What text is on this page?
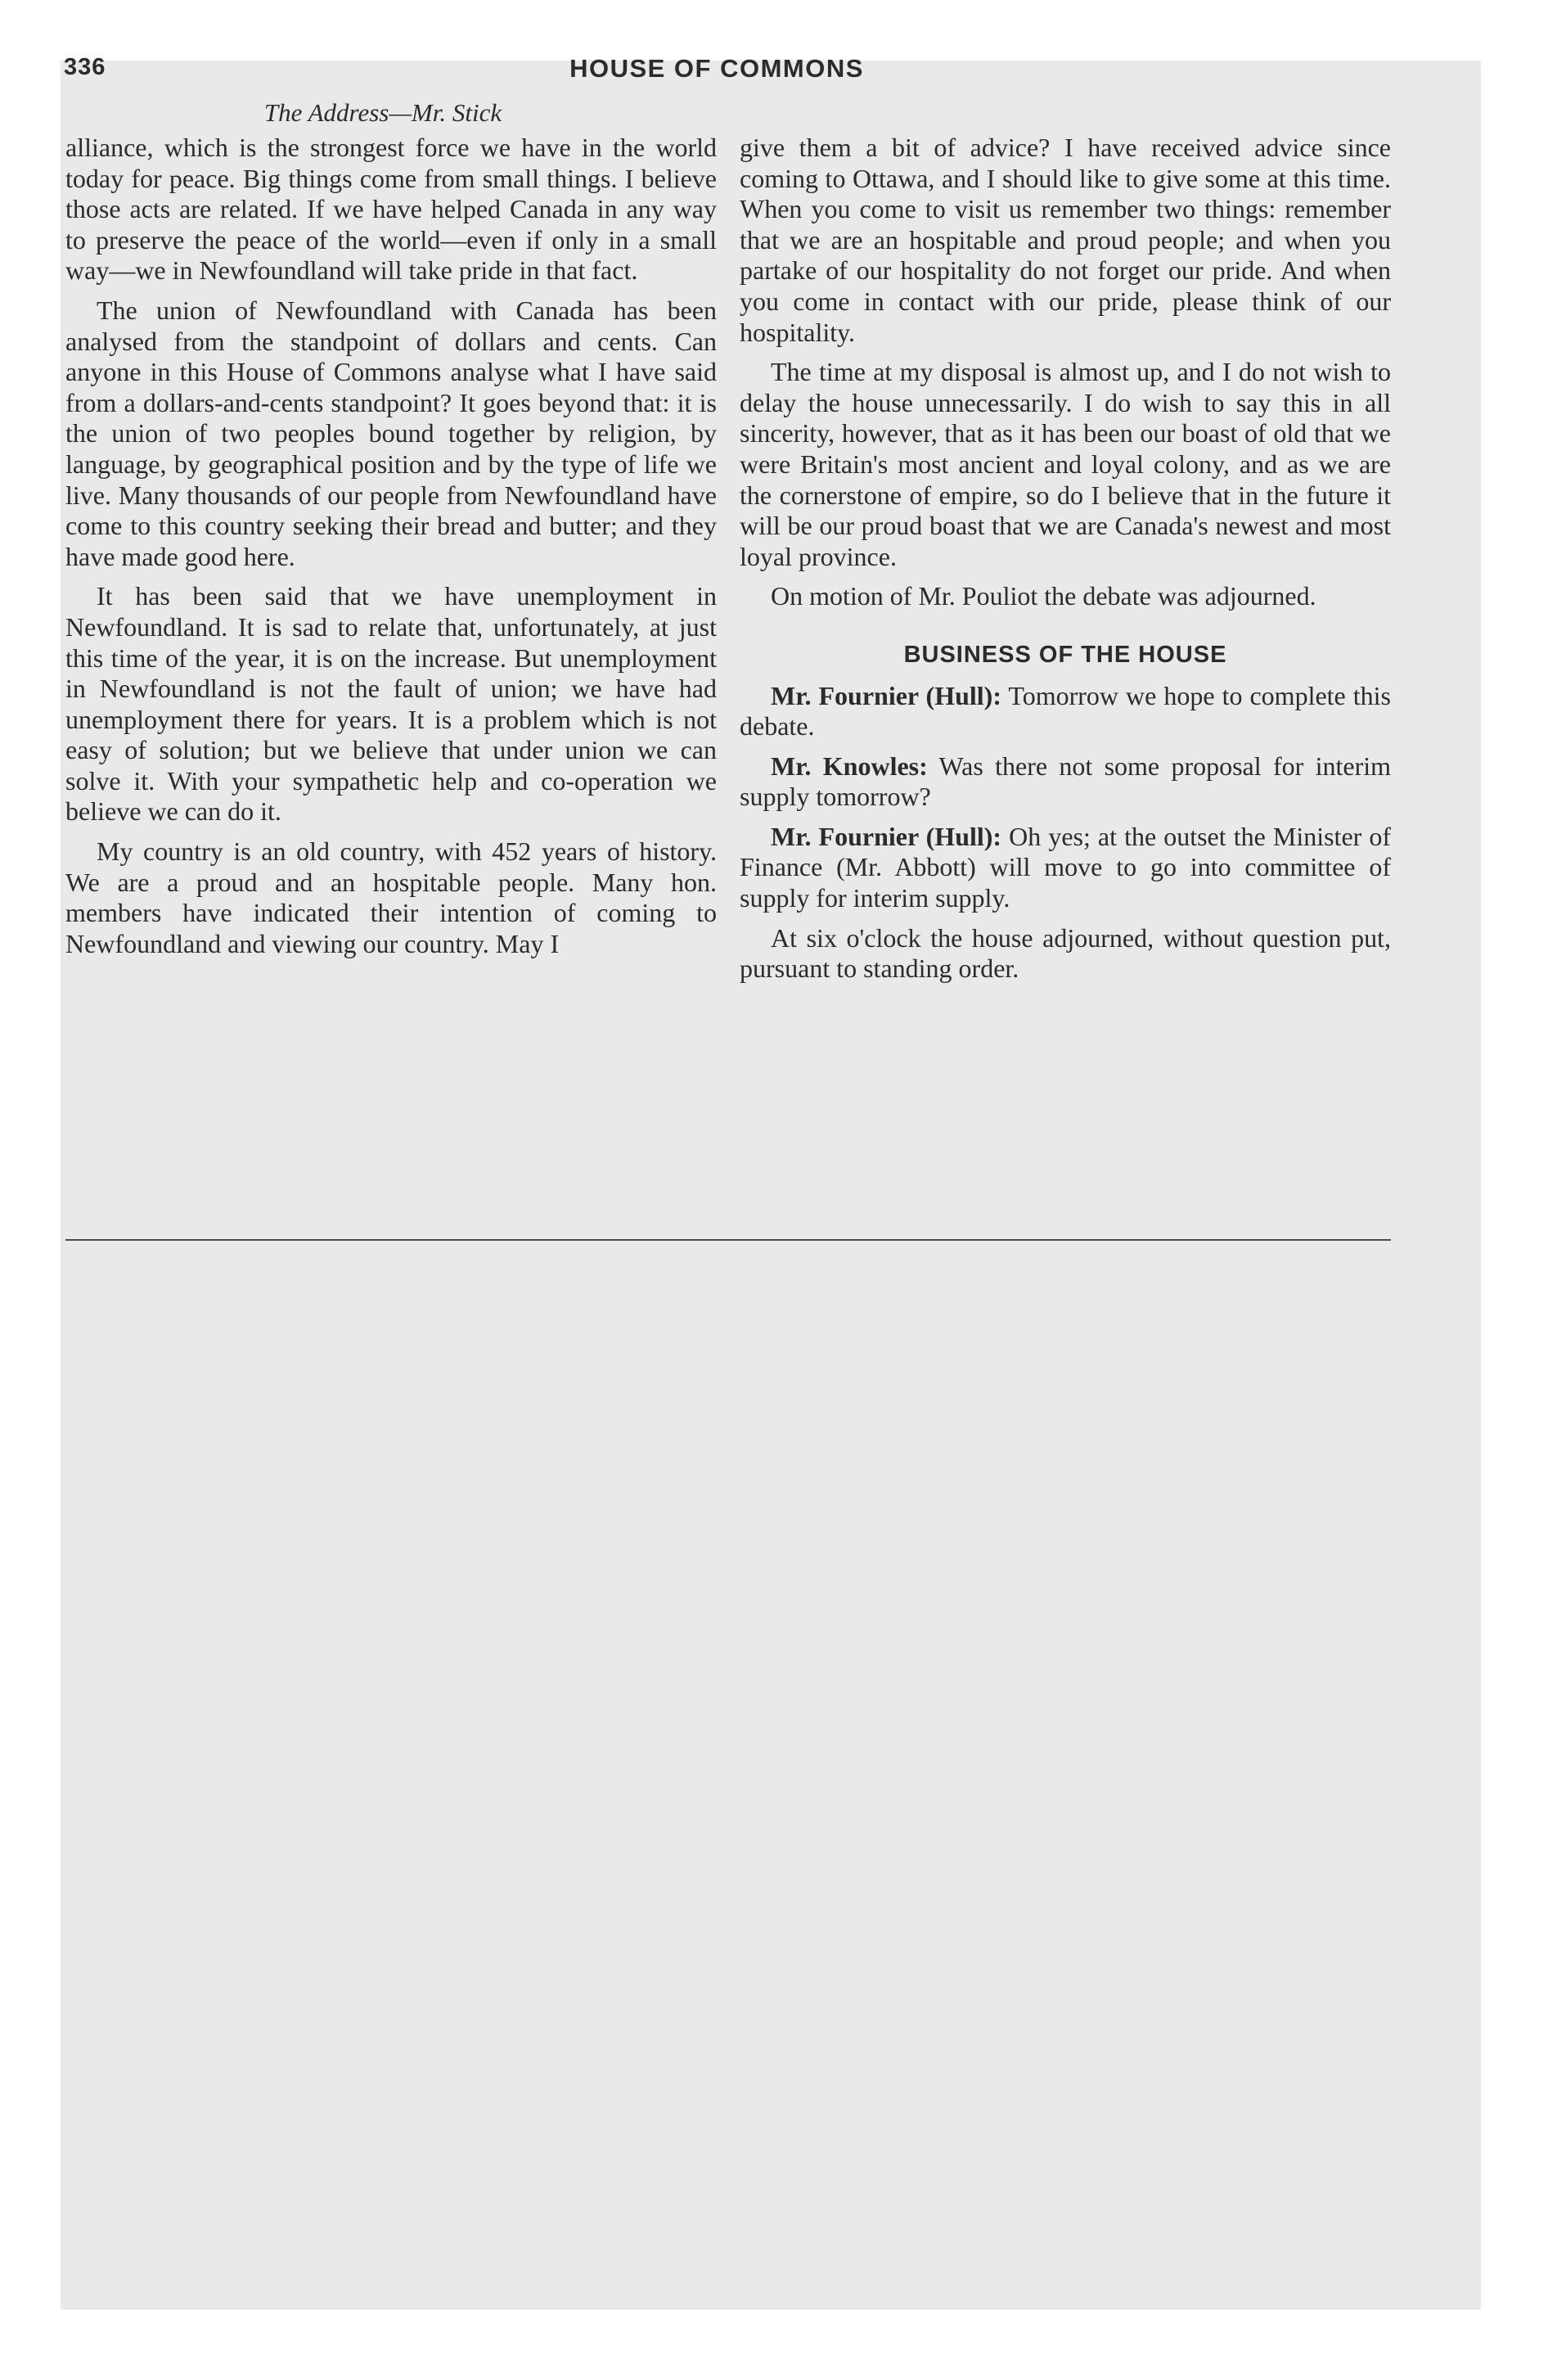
336	HOUSE OF COMMONS
The Address—Mr. Stick

alliance, which is the strongest force we have in the world today for peace. Big things come from small things. I believe those acts are related. If we have helped Canada in any way to preserve the peace of the world—even if only in a small way—we in Newfoundland will take pride in that fact.

The union of Newfoundland with Canada has been analysed from the standpoint of dollars and cents. Can anyone in this House of Commons analyse what I have said from a dollars-and-cents standpoint? It goes beyond that: it is the union of two peoples bound together by religion, by language, by geographical position and by the type of life we live. Many thousands of our people from Newfoundland have come to this country seeking their bread and butter; and they have made good here.

It has been said that we have unemployment in Newfoundland. It is sad to relate that, unfortunately, at just this time of the year, it is on the increase. But unemployment in Newfoundland is not the fault of union; we have had unemployment there for years. It is a problem which is not easy of solution; but we believe that under union we can solve it. With your sympathetic help and co-operation we believe we can do it.

My country is an old country, with 452 years of history. We are a proud and an hospitable people. Many hon. members have indicated their intention of coming to Newfoundland and viewing our country. May I

give them a bit of advice? I have received advice since coming to Ottawa, and I should like to give some at this time. When you come to visit us remember two things: remember that we are an hospitable and proud people; and when you partake of our hospitality do not forget our pride. And when you come in contact with our pride, please think of our hospitality.

The time at my disposal is almost up, and I do not wish to delay the house unnecessarily. I do wish to say this in all sincerity, however, that as it has been our boast of old that we were Britain's most ancient and loyal colony, and as we are the cornerstone of empire, so do I believe that in the future it will be our proud boast that we are Canada's newest and most loyal province.

On motion of Mr. Pouliot the debate was adjourned.

BUSINESS OF THE HOUSE

Mr. Fournier (Hull): Tomorrow we hope to complete this debate.

Mr. Knowles: Was there not some proposal for interim supply tomorrow?

Mr. Fournier (Hull): Oh yes; at the outset the Minister of Finance (Mr. Abbott) will move to go into committee of supply for interim supply.

At six o'clock the house adjourned, without question put, pursuant to standing order.
